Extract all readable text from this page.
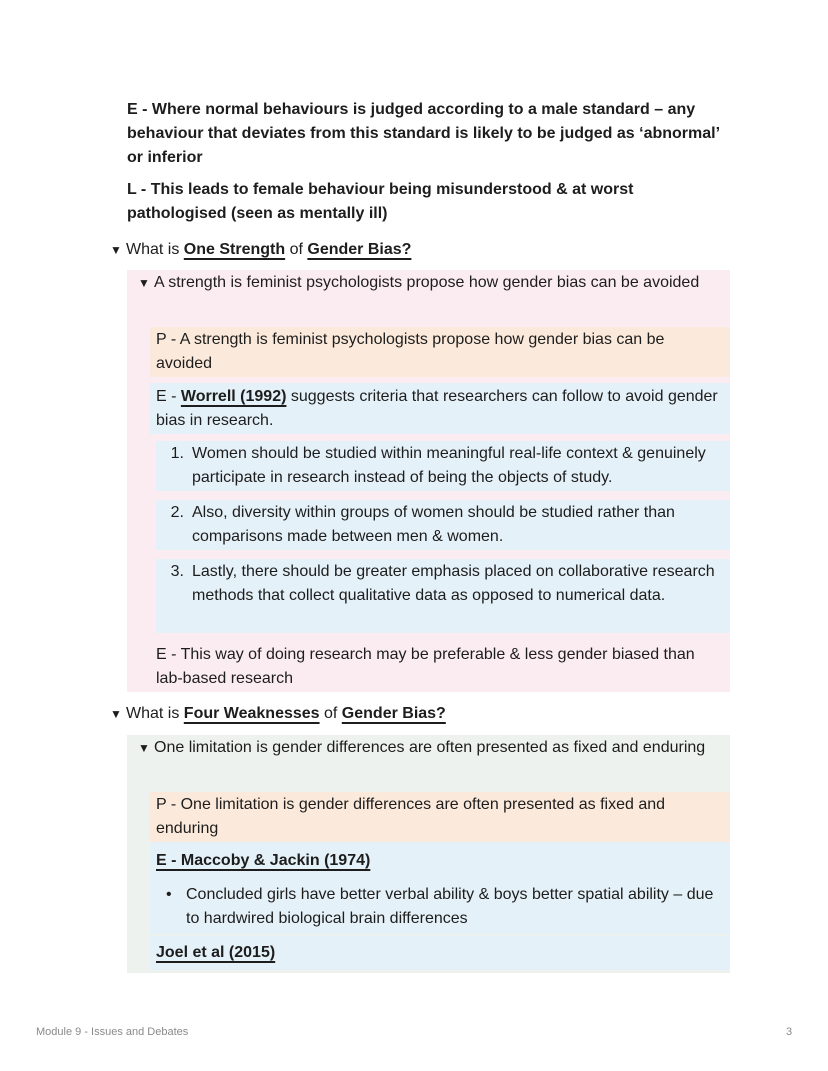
E - Where normal behaviours is judged according to a male standard – any behaviour that deviates from this standard is likely to be judged as ‘abnormal’ or inferior
L - This leads to female behaviour being misunderstood & at worst pathologised (seen as mentally ill)
▼ What is One Strength of Gender Bias?
▼ A strength is feminist psychologists propose how gender bias can be avoided
P - A strength is feminist psychologists propose how gender bias can be avoided
E - Worrell (1992) suggests criteria that researchers can follow to avoid gender bias in research.
1. Women should be studied within meaningful real-life context & genuinely participate in research instead of being the objects of study.
2. Also, diversity within groups of women should be studied rather than comparisons made between men & women.
3. Lastly, there should be greater emphasis placed on collaborative research methods that collect qualitative data as opposed to numerical data.
E - This way of doing research may be preferable & less gender biased than lab-based research
▼ What is Four Weaknesses of Gender Bias?
▼ One limitation is gender differences are often presented as fixed and enduring
P - One limitation is gender differences are often presented as fixed and enduring
E - Maccoby & Jackin (1974)
• Concluded girls have better verbal ability & boys better spatial ability – due to hardwired biological brain differences
Joel et al (2015)
Module 9 - Issues and Debates	3
